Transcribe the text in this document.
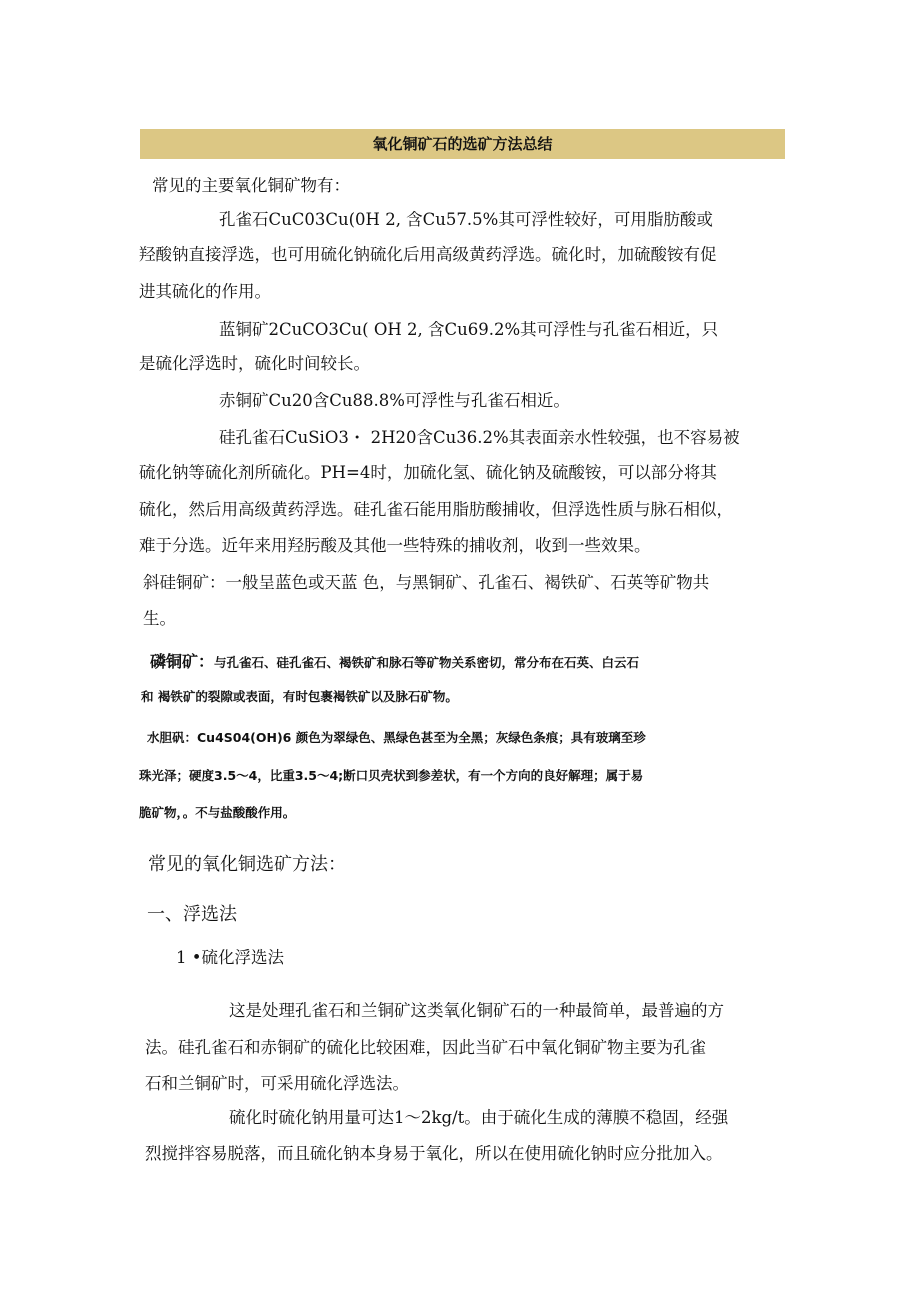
氧化铜矿石的选矿方法总结

常见的主要氧化铜矿物有：

孔雀石CuC03Cu(0H 2, 含Cu57.5%其可浮性较好，可用脂肪酸或

羟酸钠直接浮选，也可用硫化钠硫化后用高级黄药浮选。硫化时，加硫酸铵有促

进其硫化的作用。

蓝铜矿2CuCO3Cu( OH 2, 含Cu69.2%其可浮性与孔雀石相近，只

是硫化浮选时，硫化时间较长。

赤铜矿Cu20含Cu88.8%可浮性与孔雀石相近。

硅孔雀石CuSiO3・ 2H20含Cu36.2%其表面亲水性较强，也不容易被

硫化钠等硫化剂所硫化。PH=4时，加硫化氢、硫化钠及硫酸铵，可以部分将其

硫化，然后用高级黄药浮选。硅孔雀石能用脂肪酸捕收，但浮选性质与脉石相似，

难于分选。近年来用羟肟酸及其他一些特殊的捕收剂，收到一些效果。

斜硅铜矿：一般呈蓝色或天蓝 色，与黑铜矿、孔雀石、褐铁矿、石英等矿物共

生。

磷铜矿：与孔雀石、硅孔雀石、褐铁矿和脉石等矿物关系密切，常分布在石英、白云石

和 褐铁矿的裂隙或表面，有时包裹褐铁矿以及脉石矿物。

水胆矾：Cu4S04(OH)6 颜色为翠绿色、黑绿色甚至为全黑；灰绿色条痕；具有玻璃至珍

珠光泽；硬度3.5～4，比重3.5～4;断口贝壳状到参差状，有一个方向的良好解理；属于易

脆矿物，。不与盐酸酸作用。

常见的氧化铜选矿方法：

一、浮选法

1 •硫化浮选法

这是处理孔雀石和兰铜矿这类氧化铜矿石的一种最简单，最普遍的方

法。硅孔雀石和赤铜矿的硫化比较困难，因此当矿石中氧化铜矿物主要为孔雀

石和兰铜矿时，可采用硫化浮选法。

硫化时硫化钠用量可达1～2kg/t。由于硫化生成的薄膜不稳固，经强

烈搅拌容易脱落，而且硫化钠本身易于氧化，所以在使用硫化钠时应分批加入。
